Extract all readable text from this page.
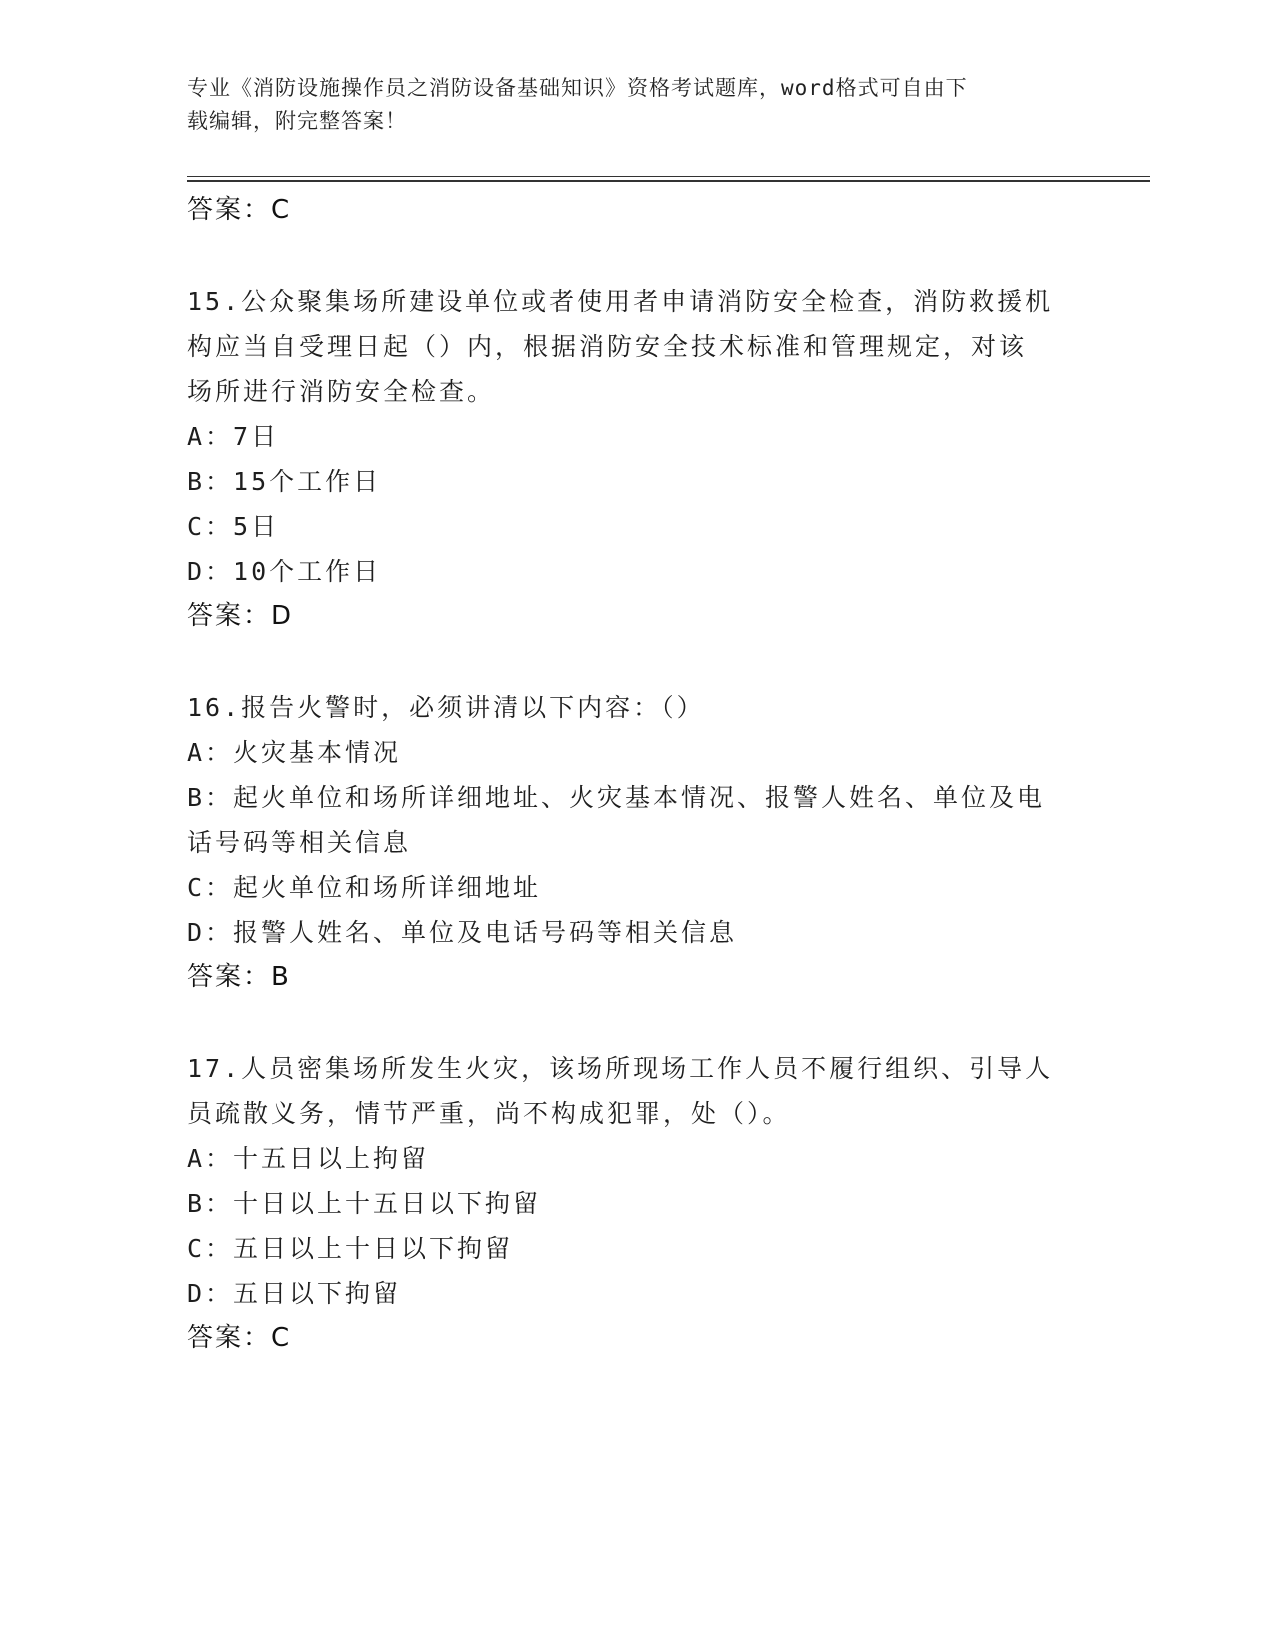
专业《消防设施操作员之消防设备基础知识》资格考试题库，word格式可自由下
载编辑，附完整答案！
答案：C
15.公众聚集场所建设单位或者使用者申请消防安全检查，消防救援机
构应当自受理日起（）内，根据消防安全技术标准和管理规定，对该
场所进行消防安全检查。
A：7日
B：15个工作日
C：5日
D：10个工作日
答案：D
16.报告火警时，必须讲清以下内容：（）
A：火灾基本情况
B：起火单位和场所详细地址、火灾基本情况、报警人姓名、单位及电
话号码等相关信息
C：起火单位和场所详细地址
D：报警人姓名、单位及电话号码等相关信息
答案：B
17.人员密集场所发生火灾，该场所现场工作人员不履行组织、引导人
员疏散义务，情节严重，尚不构成犯罪，处（）。
A：十五日以上拘留
B：十日以上十五日以下拘留
C：五日以上十日以下拘留
D：五日以下拘留
答案：C
